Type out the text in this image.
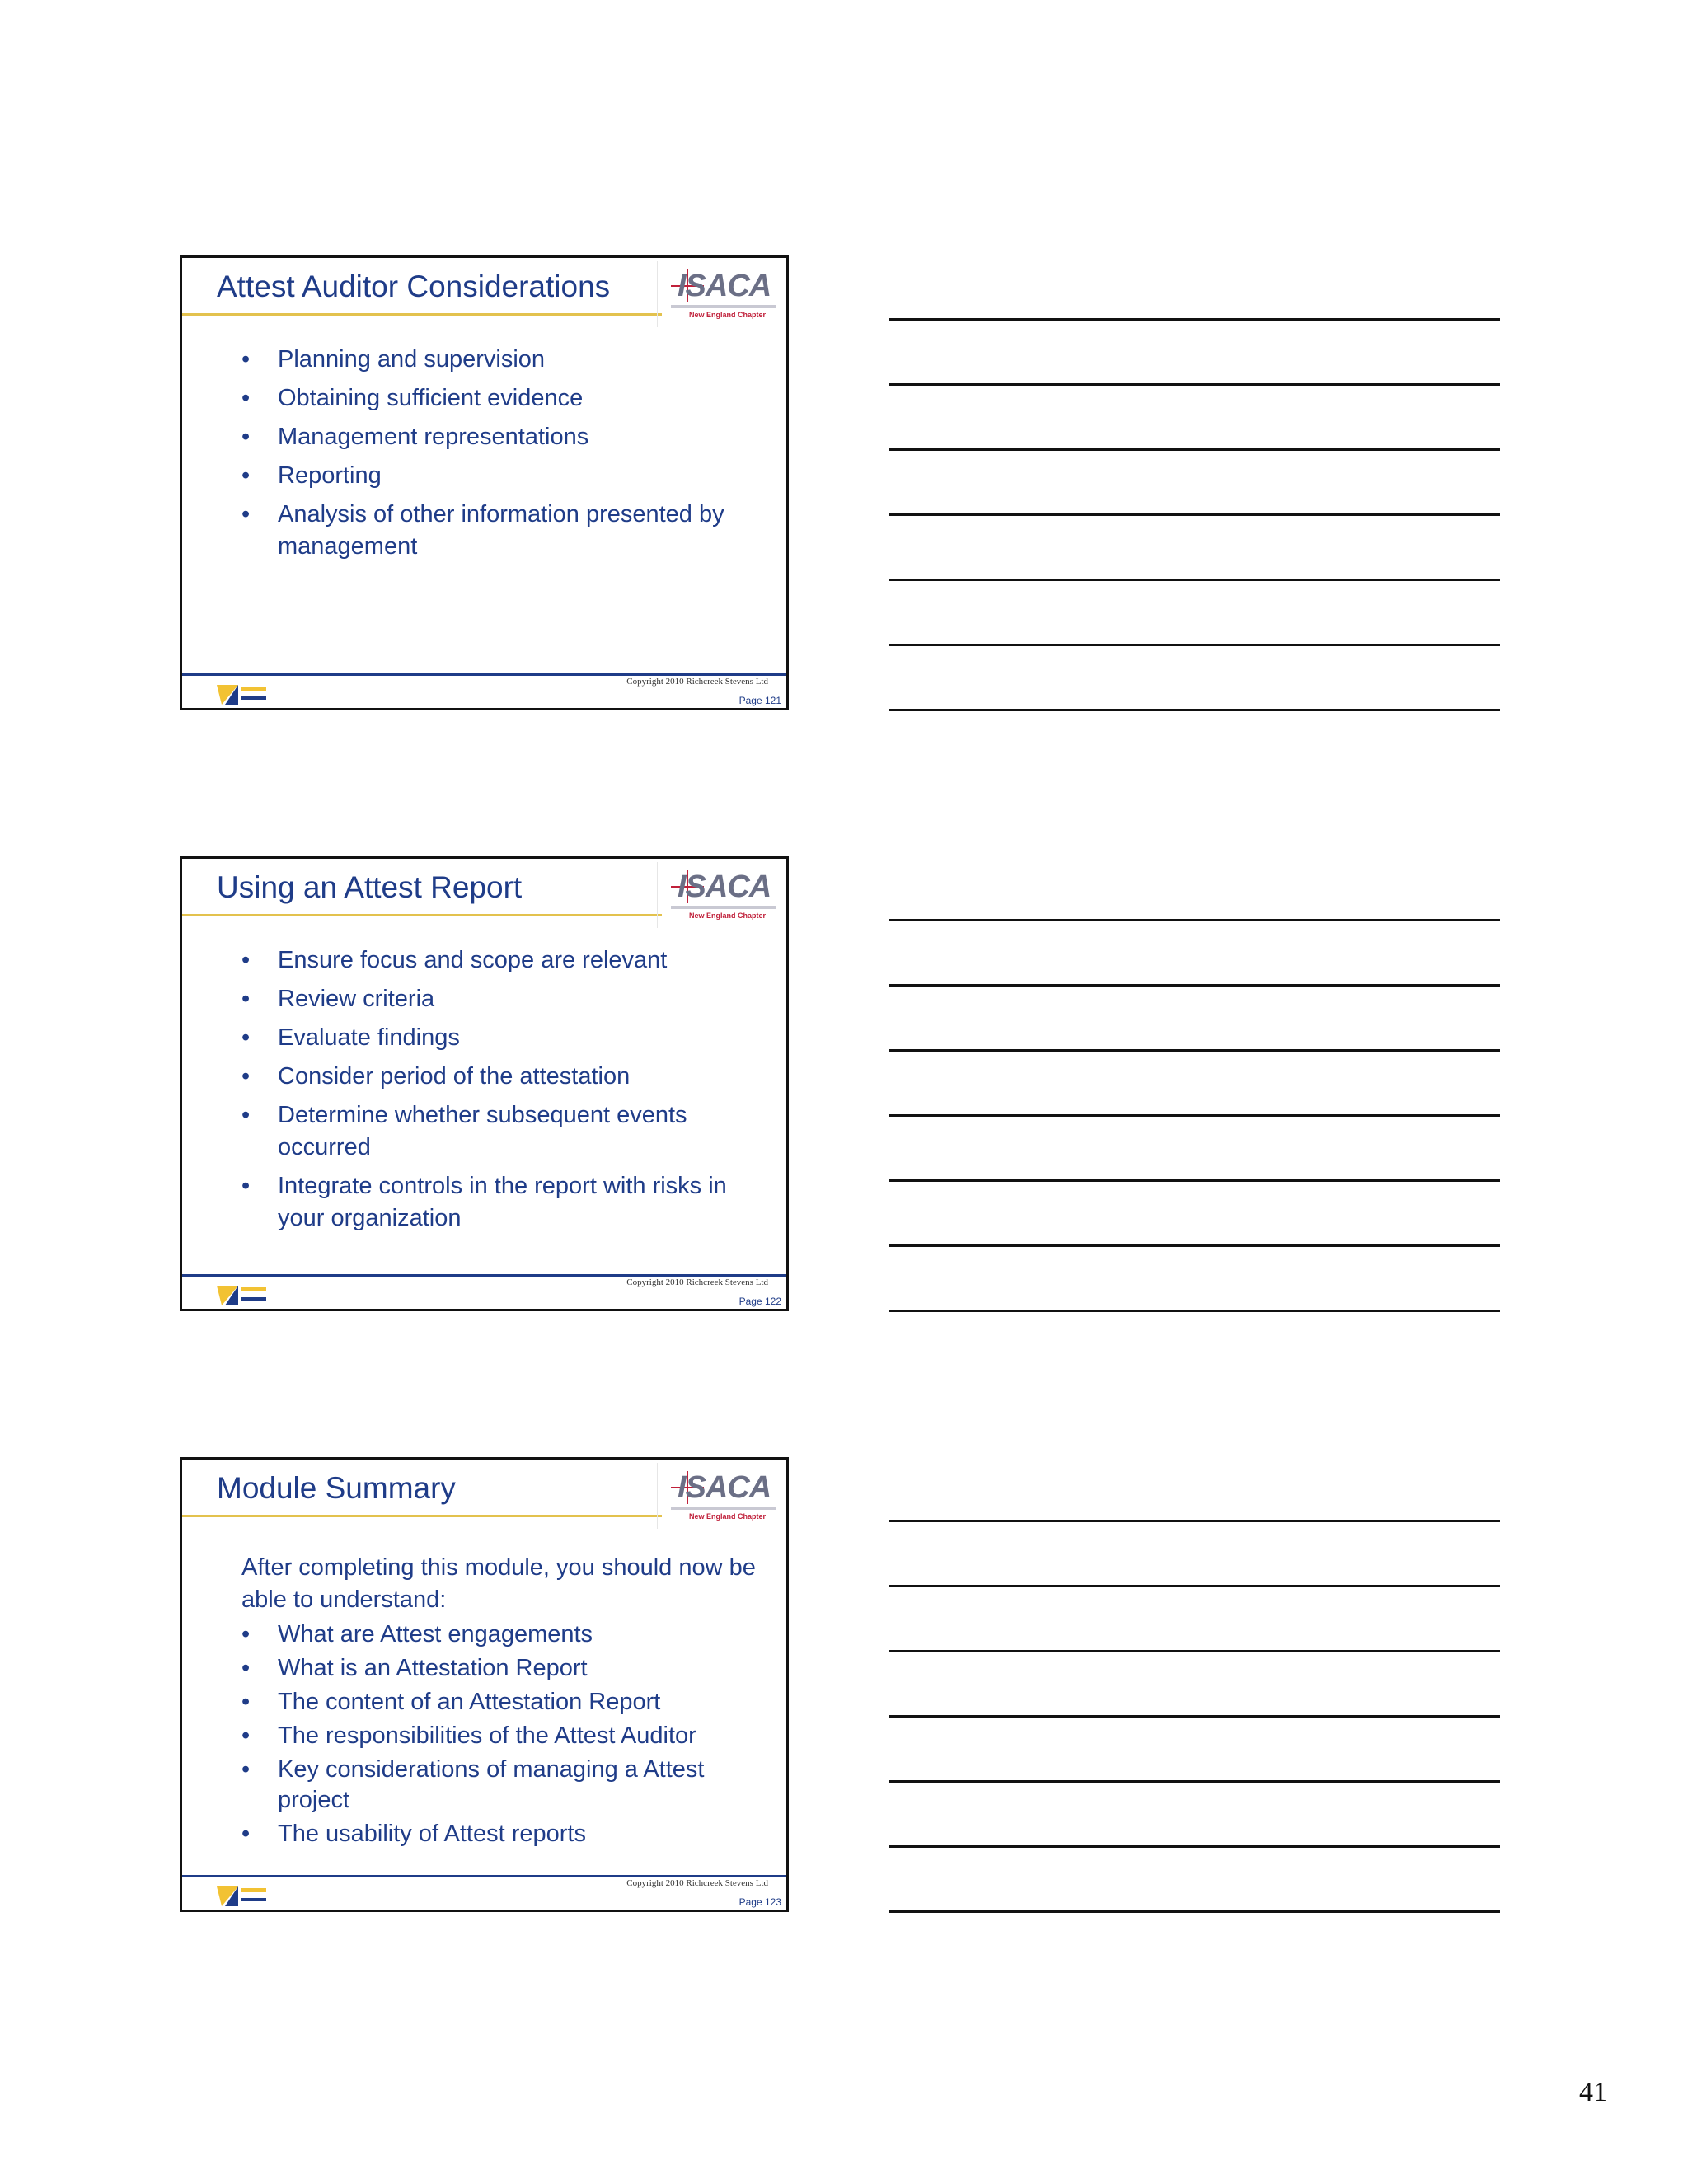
Attest Auditor Considerations	ISACA
New England Chapter
• Planning and supervision
• Obtaining sufficient evidence
• Management representations
• Reporting
• Analysis of other information presented by management
Copyright 2010 Richcreek Stevens Ltd
Page 121
Using an Attest Report	ISACA
New England Chapter
• Ensure focus and scope are relevant
• Review criteria
• Evaluate findings
• Consider period of the attestation
• Determine whether subsequent events occurred
• Integrate controls in the report with risks in your organization
Copyright 2010 Richcreek Stevens Ltd
Page 122
Module Summary	ISACA
New England Chapter

After completing this module, you should now be able to understand:

• What are Attest engagements
• What is an Attestation Report
• The content of an Attestation Report
• The responsibilities of the Attest Auditor
• Key considerations of managing a Attest project
• The usability of Attest reports
Copyright 2010 Richcreek Stevens Ltd
Page 123
41
